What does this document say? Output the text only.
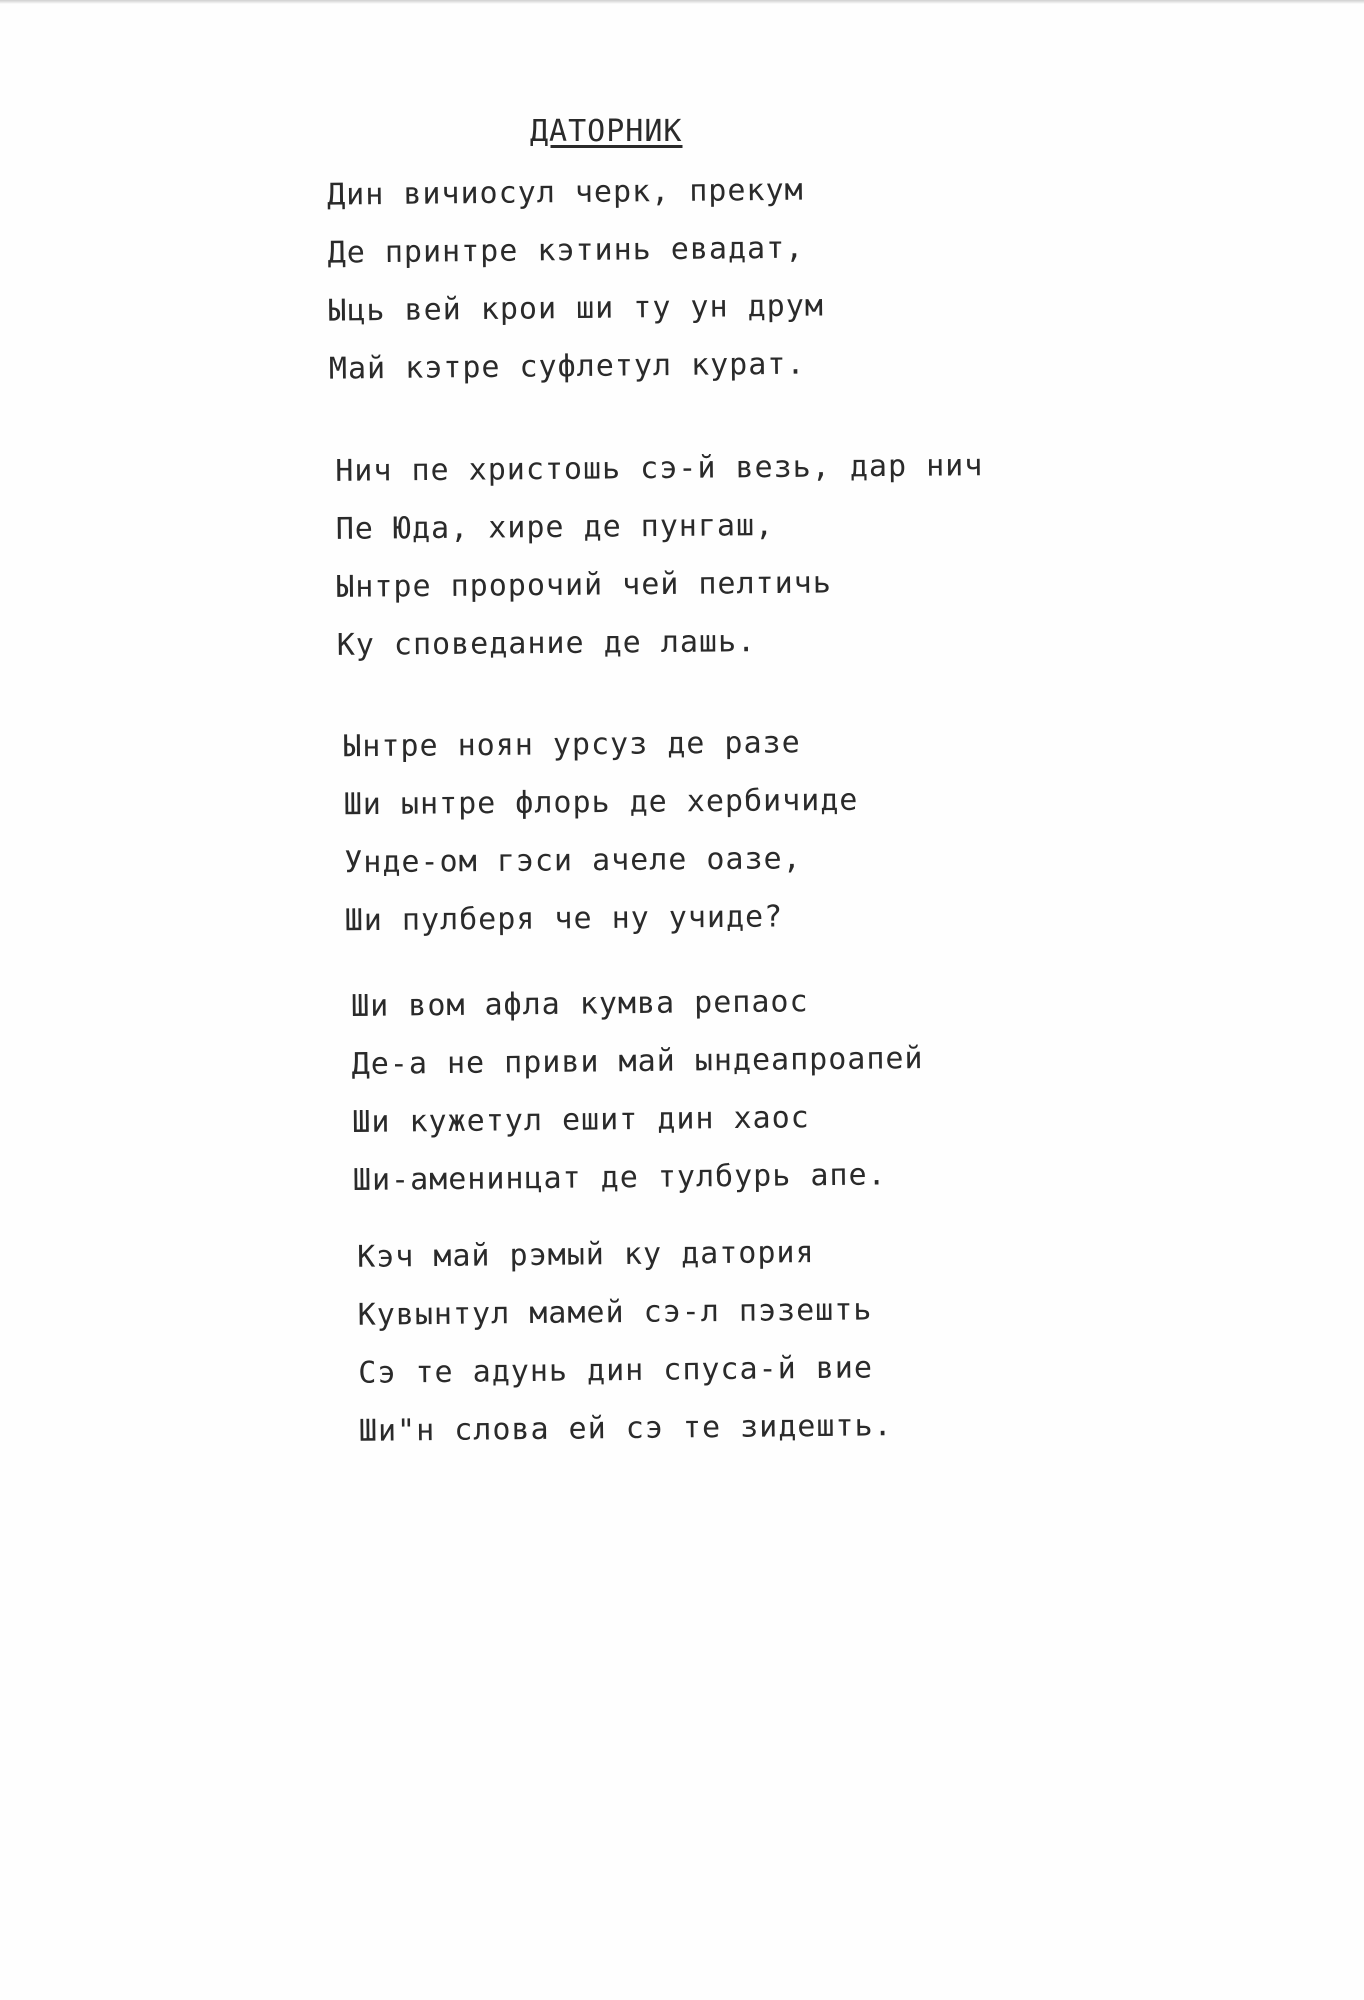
ДАТОРНИК
Дин вичиосул черк, прекум
Де принтре кэтинь евадат,
Ыць вей крои ши ту ун друм
Май кэтре суфлетул курат.
Нич пе христошь сэ-й везь, дар нич
Пе Юда, хире де пунгаш,
Ынтре пророчий чей пелтичь
Ку споведание де лашь.
Ынтре ноян урсуз де разе
Ши ынтре флорь де хербичиде
Унде-ом гэси ачеле оазе,
Ши пулберя че ну учиде?
Ши вом афла кумва репаос
Де-а не приви май ындеапроапей
Ши кужетул ешит дин хаос
Ши-аменинцат де тулбурь апе.
Кэч май рэмый ку датория
Кувынтул мамей сэ-л пэзешть
Сэ те адунь дин спуса-й вие
Ши"н слова ей сэ те зидешть.
